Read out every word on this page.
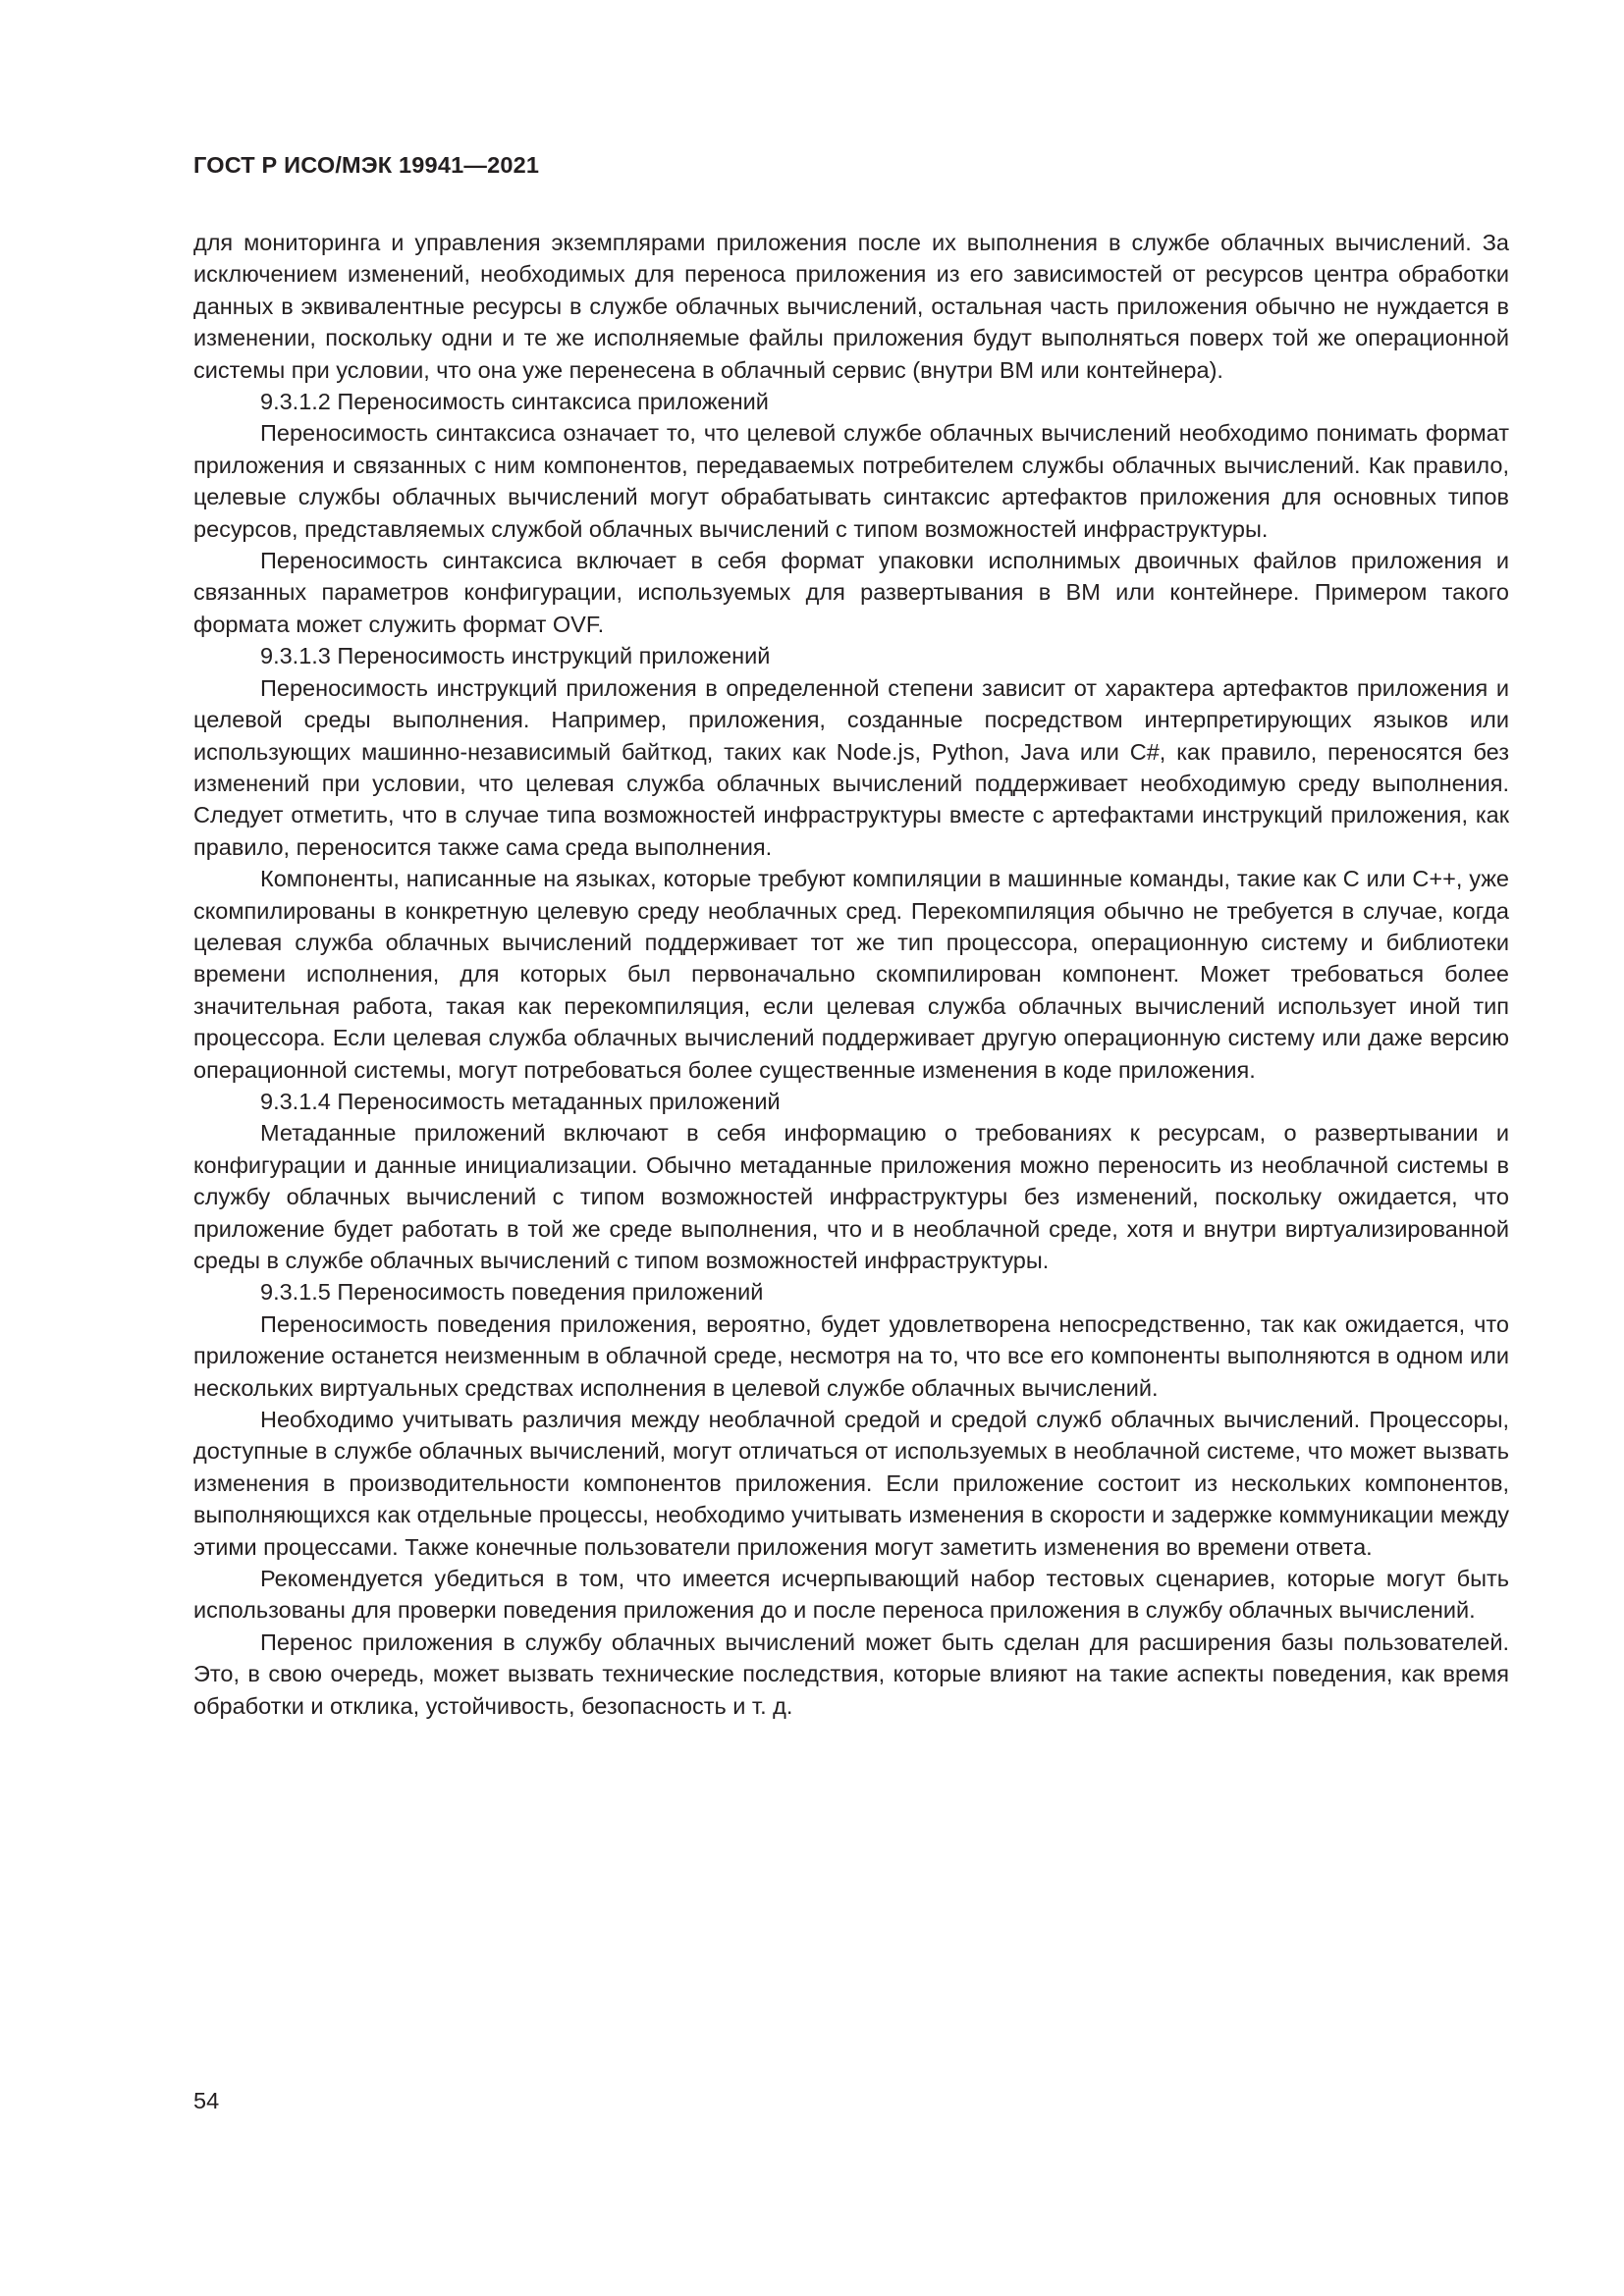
ГОСТ Р ИСО/МЭК 19941—2021

для мониторинга и управления экземплярами приложения после их выполнения в службе облачных вычислений. За исключением изменений, необходимых для переноса приложения из его зависимостей от ресурсов центра обработки данных в эквивалентные ресурсы в службе облачных вычислений, остальная часть приложения обычно не нуждается в изменении, поскольку одни и те же исполняемые файлы приложения будут выполняться поверх той же операционной системы при условии, что она уже перенесена в облачный сервис (внутри ВМ или контейнера).

9.3.1.2 Переносимость синтаксиса приложений

Переносимость синтаксиса означает то, что целевой службе облачных вычислений необходимо понимать формат приложения и связанных с ним компонентов, передаваемых потребителем службы облачных вычислений. Как правило, целевые службы облачных вычислений могут обрабатывать синтаксис артефактов приложения для основных типов ресурсов, представляемых службой облачных вычислений с типом возможностей инфраструктуры.

Переносимость синтаксиса включает в себя формат упаковки исполнимых двоичных файлов приложения и связанных параметров конфигурации, используемых для развертывания в ВМ или контейнере. Примером такого формата может служить формат OVF.

9.3.1.3 Переносимость инструкций приложений

Переносимость инструкций приложения в определенной степени зависит от характера артефактов приложения и целевой среды выполнения. Например, приложения, созданные посредством интерпретирующих языков или использующих машинно-независимый байткод, таких как Node.js, Python, Java или C#, как правило, переносятся без изменений при условии, что целевая служба облачных вычислений поддерживает необходимую среду выполнения. Следует отметить, что в случае типа возможностей инфраструктуры вместе с артефактами инструкций приложения, как правило, переносится также сама среда выполнения.

Компоненты, написанные на языках, которые требуют компиляции в машинные команды, такие как С или С++, уже скомпилированы в конкретную целевую среду необлачных сред. Перекомпиляция обычно не требуется в случае, когда целевая служба облачных вычислений поддерживает тот же тип процессора, операционную систему и библиотеки времени исполнения, для которых был первоначально скомпилирован компонент. Может требоваться более значительная работа, такая как перекомпиляция, если целевая служба облачных вычислений использует иной тип процессора. Если целевая служба облачных вычислений поддерживает другую операционную систему или даже версию операционной системы, могут потребоваться более существенные изменения в коде приложения.

9.3.1.4 Переносимость метаданных приложений

Метаданные приложений включают в себя информацию о требованиях к ресурсам, о развертывании и конфигурации и данные инициализации. Обычно метаданные приложения можно переносить из необлачной системы в службу облачных вычислений с типом возможностей инфраструктуры без изменений, поскольку ожидается, что приложение будет работать в той же среде выполнения, что и в необлачной среде, хотя и внутри виртуализированной среды в службе облачных вычислений с типом возможностей инфраструктуры.

9.3.1.5 Переносимость поведения приложений

Переносимость поведения приложения, вероятно, будет удовлетворена непосредственно, так как ожидается, что приложение останется неизменным в облачной среде, несмотря на то, что все его компоненты выполняются в одном или нескольких виртуальных средствах исполнения в целевой службе облачных вычислений.

Необходимо учитывать различия между необлачной средой и средой служб облачных вычислений. Процессоры, доступные в службе облачных вычислений, могут отличаться от используемых в необлачной системе, что может вызвать изменения в производительности компонентов приложения. Если приложение состоит из нескольких компонентов, выполняющихся как отдельные процессы, необходимо учитывать изменения в скорости и задержке коммуникации между этими процессами. Также конечные пользователи приложения могут заметить изменения во времени ответа.

Рекомендуется убедиться в том, что имеется исчерпывающий набор тестовых сценариев, которые могут быть использованы для проверки поведения приложения до и после переноса приложения в службу облачных вычислений.

Перенос приложения в службу облачных вычислений может быть сделан для расширения базы пользователей. Это, в свою очередь, может вызвать технические последствия, которые влияют на такие аспекты поведения, как время обработки и отклика, устойчивость, безопасность и т. д.

54
